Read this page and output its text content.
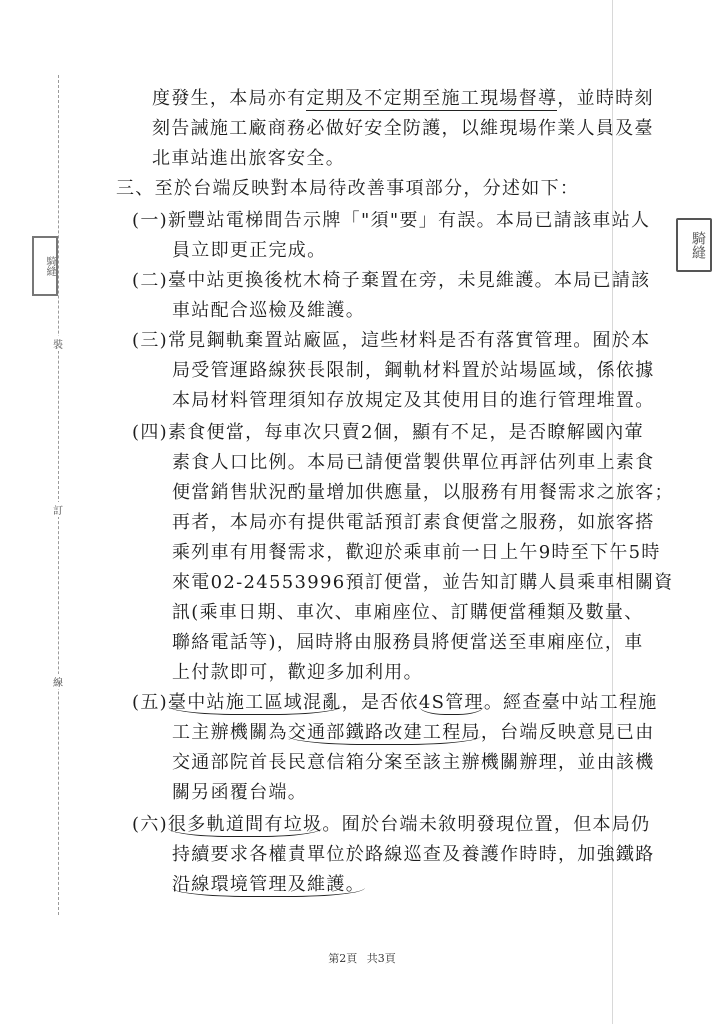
裝
訂
線
騎縫
騎縫
度發生，本局亦有定期及不定期至施工現場督導，並時時刻
刻告誡施工廠商務必做好安全防護，以維現場作業人員及臺
北車站進出旅客安全。
三、至於台端反映對本局待改善事項部分，分述如下：
(一)新豐站電梯間告示牌「"須"要」有誤。本局已請該車站人
員立即更正完成。
(二)臺中站更換後枕木椅子棄置在旁，未見維護。本局已請該
車站配合巡檢及維護。
(三)常見鋼軌棄置站廠區，這些材料是否有落實管理。囿於本
局受管運路線狹長限制，鋼軌材料置於站場區域，係依據
本局材料管理須知存放規定及其使用目的進行管理堆置。
(四)素食便當，每車次只賣2個，顯有不足，是否瞭解國內葷
素食人口比例。本局已請便當製供單位再評估列車上素食
便當銷售狀況酌量增加供應量，以服務有用餐需求之旅客；
再者，本局亦有提供電話預訂素食便當之服務，如旅客搭
乘列車有用餐需求，歡迎於乘車前一日上午9時至下午5時
來電02-24553996預訂便當，並告知訂購人員乘車相關資
訊(乘車日期、車次、車廂座位、訂購便當種類及數量、
聯絡電話等)，屆時將由服務員將便當送至車廂座位，車
上付款即可，歡迎多加利用。
(五)臺中站施工區域混亂，是否依4S管理。經查臺中站工程施
工主辦機關為交通部鐵路改建工程局，台端反映意見已由
交通部院首長民意信箱分案至該主辦機關辦理，並由該機
關另函覆台端。
(六)很多軌道間有垃圾。囿於台端未敘明發現位置，但本局仍
持續要求各權責單位於路線巡查及養護作時時，加強鐵路
沿線環境管理及維護。
第2頁 共3頁
